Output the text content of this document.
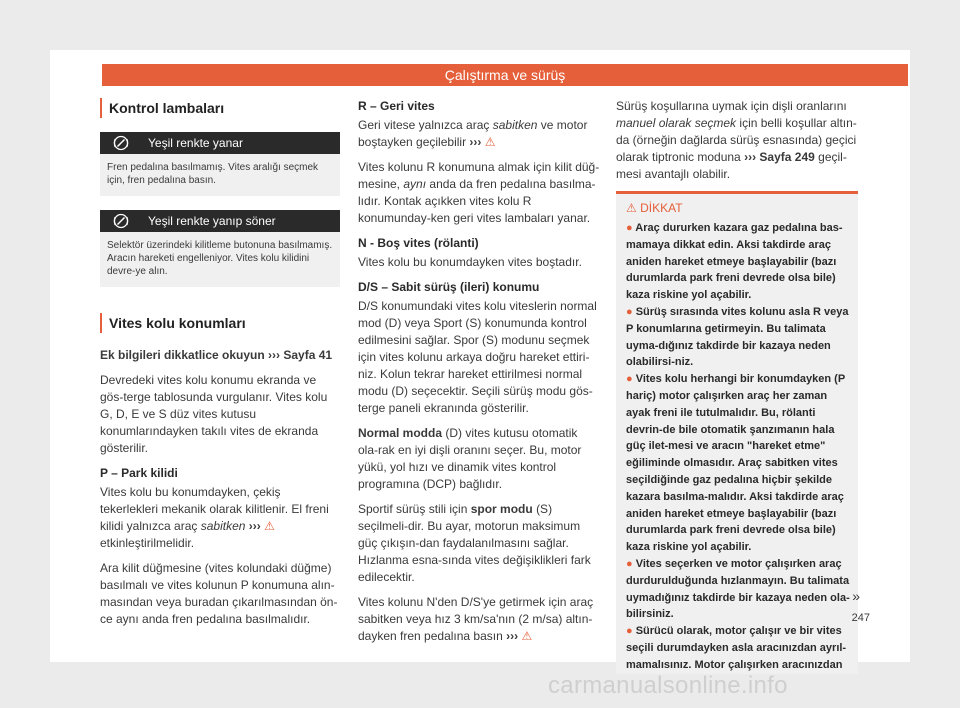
Çalıştırma ve sürüş
Kontrol lambaları
Yeşil renkte yanar
Fren pedalına basılmamış. Vites aralığı seçmek için, fren pedalına basın.
Yeşil renkte yanıp söner
Selektör üzerindeki kilitleme butonuna basılmamış. Aracın hareketi engelleniyor. Vites kolu kilidini devre-ye alın.
Vites kolu konumları

Ek bilgileri dikkatlice okuyun ››› Sayfa 41

Devredeki vites kolu konumu ekranda ve gös-terge tablosunda vurgulanır. Vites kolu G, D, E ve S düz vites kutusu konumlarındayken takılı vites de ekranda gösterilir.

P – Park kilidi

Vites kolu bu konumdayken, çekiş tekerlekleri mekanik olarak kilitlenir. El freni kilidi yalnızca araç sabitken ››› ⚠ etkinleştirilmelidir.

Ara kilit düğmesine (vites kolundaki düğme) basılmalı ve vites kolunun P konumuna alın-masından veya buradan çıkarılmasından ön-ce aynı anda fren pedalına basılmalıdır.

R – Geri vites

Geri vitese yalnızca araç sabitken ve motor boştayken geçilebilir ››› ⚠

Vites kolunu R konumuna almak için kilit düğ-mesine, aynı anda da fren pedalına basılma-lıdır. Kontak açıkken vites kolu R konumunday-ken geri vites lambaları yanar.

N - Boş vites (rölanti)

Vites kolu bu konumdayken vites boştadır.

D/S – Sabit sürüş (ileri) konumu

D/S konumundaki vites kolu viteslerin normal mod (D) veya Sport (S) konumunda kontrol edilmesini sağlar. Spor (S) modunu seçmek için vites kolunu arkaya doğru hareket ettiri-niz. Kolun tekrar hareket ettirilmesi normal modu (D) seçecektir. Seçili sürüş modu gös-terge paneli ekranında gösterilir.

Normal modda (D) vites kutusu otomatik ola-rak en iyi dişli oranını seçer. Bu, motor yükü, yol hızı ve dinamik vites kontrol programına (DCP) bağlıdır.

Sportif sürüş stili için spor modu (S) seçilmeli-dir. Bu ayar, motorun maksimum güç çıkışın-dan faydalanılmasını sağlar. Hızlanma esna-sında vites değişiklikleri fark edilecektir.

Vites kolunu N'den D/S'ye getirmek için araç sabitken veya hız 3 km/sa'nın (2 m/sa) altın-dayken fren pedalına basın ››› ⚠

Sürüş koşullarına uymak için dişli oranlarını manuel olarak seçmek için belli koşullar altın-da (örneğin dağlarda sürüş esnasında) geçici olarak tiptronic moduna ››› Sayfa 249 geçil-mesi avantajlı olabilir.

⚠ DİKKAT
● Araç dururken kazara gaz pedalına bas-mamaya dikkat edin. Aksi takdirde araç aniden hareket etmeye başlayabilir (bazı durumlarda park freni devrede olsa bile) kaza riskine yol açabilir.
● Sürüş sırasında vites kolunu asla R veya P konumlarına getirmeyin. Bu talimata uyma-dığınız takdirde bir kazaya neden olabilirsi-niz.
● Vites kolu herhangi bir konumdayken (P hariç) motor çalışırken araç her zaman ayak freni ile tutulmalıdır. Bu, rölanti devrin-de bile otomatik şanzımanın hala güç ilet-mesi ve aracın "hareket etme" eğiliminde olmasıdır. Araç sabitken vites seçildiğinde gaz pedalına hiçbir şekilde kazara basılma-malıdır. Aksi takdirde araç aniden hareket etmeye başlayabilir (bazı durumlarda park freni devrede olsa bile) kaza riskine yol açabilir.
● Vites seçerken ve motor çalışırken araç durdurulduğunda hızlanmayın. Bu talimata uymadığınız takdirde bir kazaya neden ola-bilirsiniz.
● Sürücü olarak, motor çalışır ve bir vites seçili durumdayken asla aracınızdan ayrıl-mamalısınız. Motor çalışırken aracınızdan
»
247
carmanualsonline.info
